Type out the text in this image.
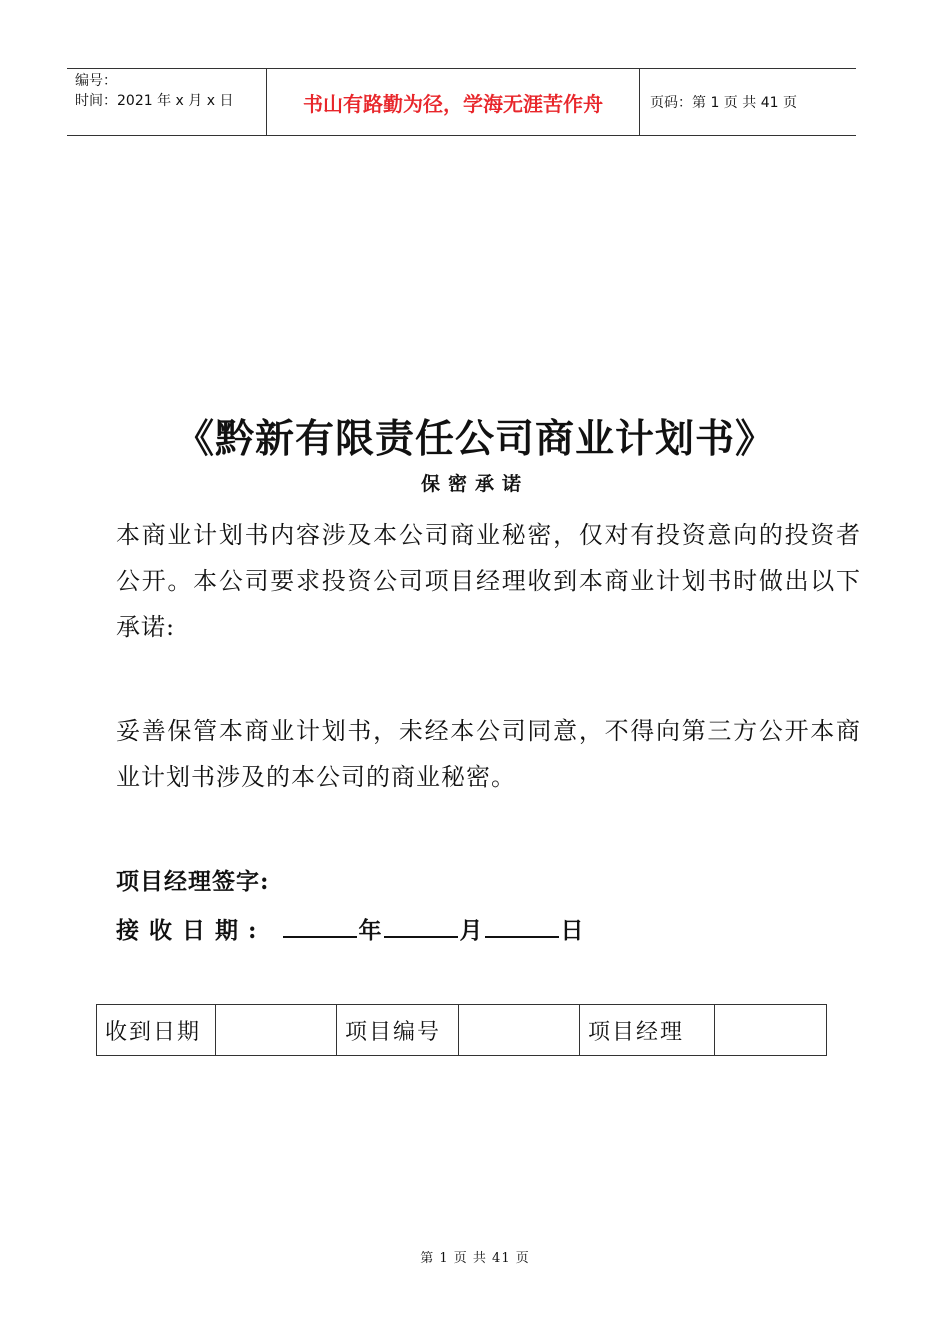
编号：
时间：2021 年 x 月 x 日	书山有路勤为径，学海无涯苦作舟	页码：第 1 页 共 41 页
《黔新有限责任公司商业计划书》
保密承诺
本商业计划书内容涉及本公司商业秘密，仅对有投资意向的投资者公开。本公司要求投资公司项目经理收到本商业计划书时做出以下承诺:
妥善保管本商业计划书，未经本公司同意，不得向第三方公开本商业计划书涉及的本公司的商业秘密。
项目经理签字:
接收日期:	年	月	日
收到日期		项目编号		项目经理	
第 1 页 共 41 页
